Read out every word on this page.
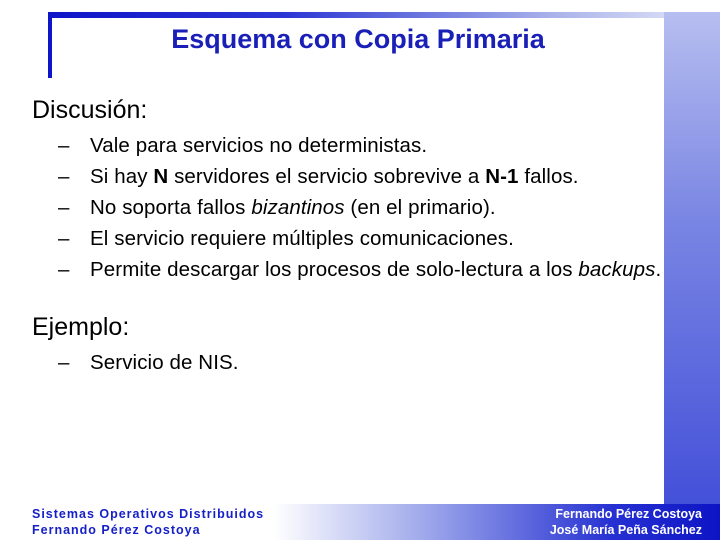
Esquema con Copia Primaria

Discusión:

– Vale para servicios no deterministas.
– Si hay N servidores el servicio sobrevive a N-1 fallos.
– No soporta fallos bizantinos (en el primario).
– El servicio requiere múltiples comunicaciones.
– Permite descargar los procesos de solo-lectura a los backups.

Ejemplo:

– Servicio de NIS.
Sistemas Operativos Distribuidos
Fernando Pérez Costoya
Fernando Pérez Costoya
José María Peña Sánchez
